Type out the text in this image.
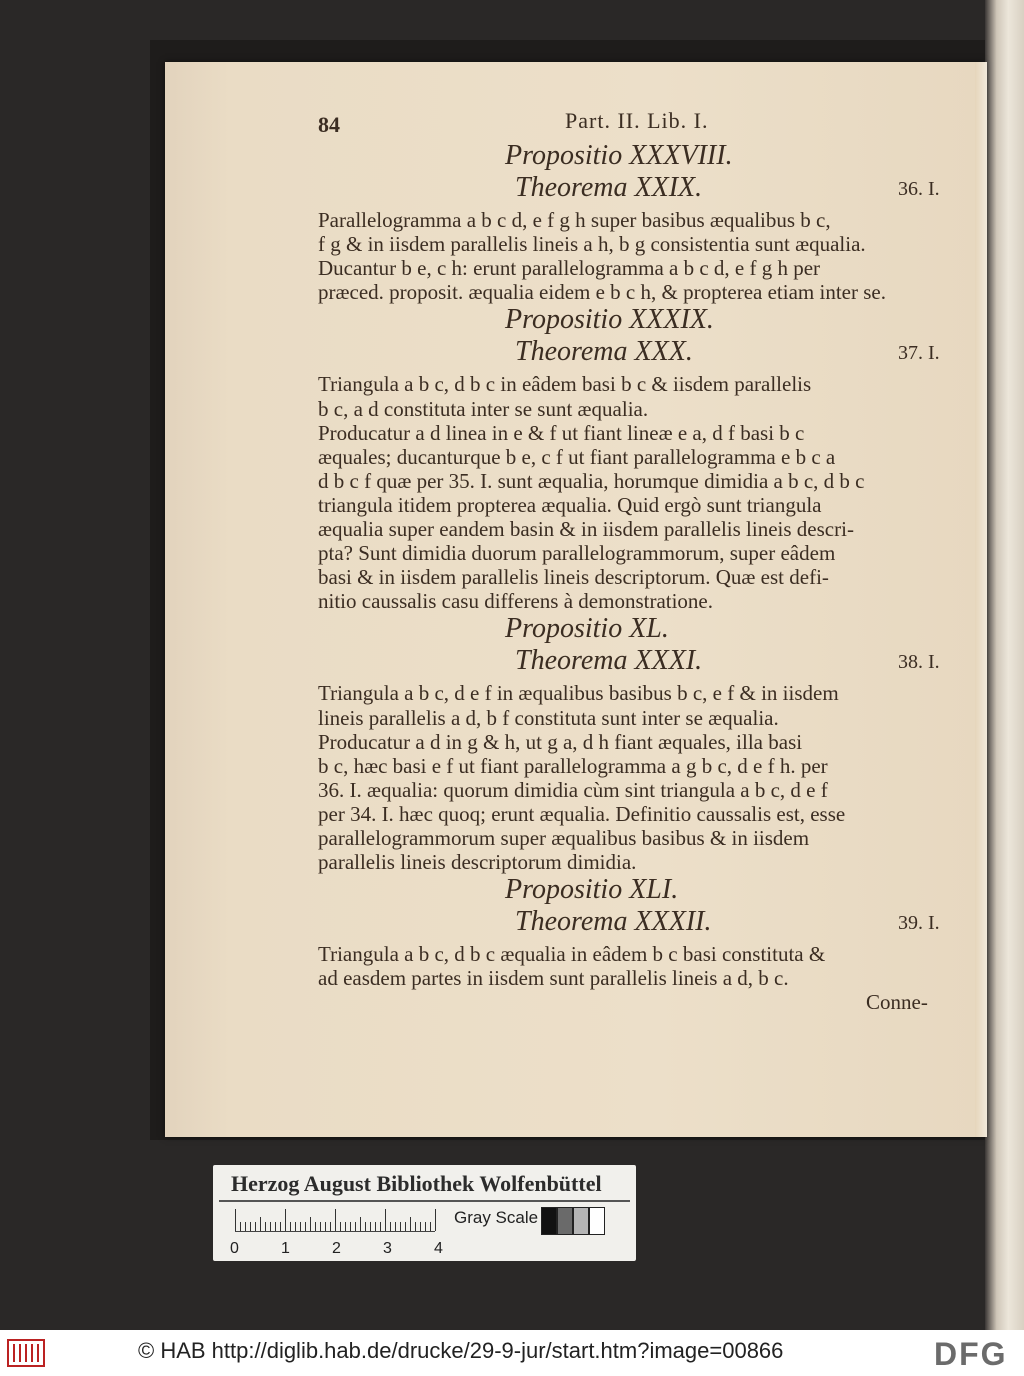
84	Part. II. Lib. I.
Propositio XXXVIII.
36. I.
Theorema XXIX.
Parallelogramma a b c d, e f g h super basibus æqualibus b c,
f g & in iisdem parallelis lineis a h, b g consistentia sunt æqualia.
Ducantur b e, c h: erunt parallelogramma a b c d, e f g h per
præced. proposit. æqualia eidem e b c h, & propterea etiam inter se.
Propositio XXXIX.
37. I.
Theorema XXX.
Triangula a b c, d b c in eâdem basi b c & iisdem parallelis
b c, a d constituta inter se sunt æqualia.
Producatur a d linea in e & f ut fiant lineæ e a, d f basi b c
æquales; ducanturque b e, c f ut fiant parallelogramma e b c a
d b c f quæ per 35. I. sunt æqualia, horumque dimidia a b c, d b c
triangula itidem propterea æqualia. Quid ergò sunt triangula
æqualia super eandem basin & in iisdem parallelis lineis descri-
pta? Sunt dimidia duorum parallelogrammorum, super eâdem
basi & in iisdem parallelis lineis descriptorum. Quæ est defi-
nitio caussalis casu differens à demonstratione.
Propositio XL.
38. I.
Theorema XXXI.
Triangula a b c, d e f in æqualibus basibus b c, e f & in iisdem
lineis parallelis a d, b f constituta sunt inter se æqualia.
Producatur a d in g & h, ut g a, d h fiant æquales, illa basi
b c, hæc basi e f ut fiant parallelogramma a g b c, d e f h. per
36. I. æqualia: quorum dimidia cùm sint triangula a b c, d e f
per 34. I. hæc quoq; erunt æqualia. Definitio caussalis est, esse
parallelogrammorum super æqualibus basibus & in iisdem
parallelis lineis descriptorum dimidia.
Propositio XLI.
39. I.
Theorema XXXII.
Triangula a b c, d b c æqualia in eâdem b c basi constituta &
ad easdem partes in iisdem sunt parallelis lineis a d, b c.
Conne-
Herzog August Bibliothek Wolfenbüttel
0	1	2	3	4
Gray Scale
© HAB http://diglib.hab.de/drucke/29-9-jur/start.htm?image=00866	DFG
